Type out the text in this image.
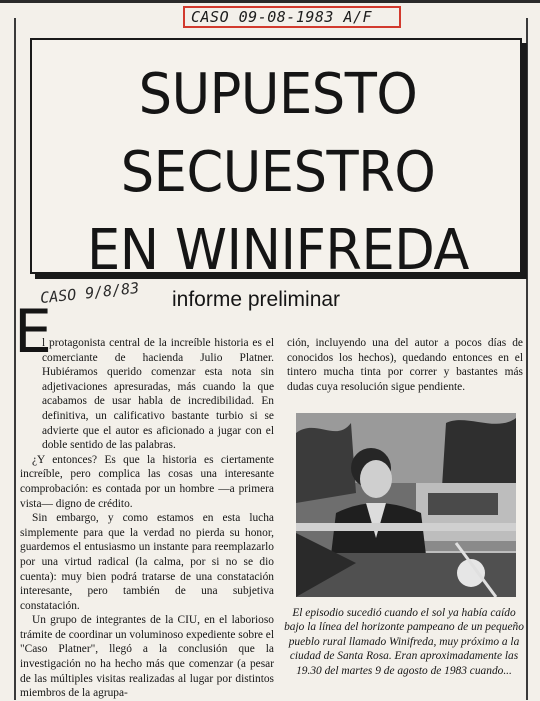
CASO 09-08-1983 A/F
SUPUESTO
SECUESTRO
EN WINIFREDA
CASO 9/8/83 informe preliminar
E

l protagonista central de la increíble historia es el comerciante de hacienda Julio Platner. Hubiéramos querido comenzar esta nota sin adjetivaciones apresuradas, más cuando la que acabamos de usar habla de incredibilidad. En definitiva, un calificativo bastante turbio si se advierte que el autor es aficionado a jugar con el doble sentido de las palabras.

¿Y entonces? Es que la historia es ciertamente increíble, pero complica las cosas una interesante comprobación: es contada por un hombre —a primera vista— digno de crédito.

Sin embargo, y como estamos en esta lucha simplemente para que la verdad no pierda su honor, guardemos el entusiasmo un instante para reemplazarlo por una virtud radical (la calma, por si no se dio cuenta): muy bien podrá tratarse de una constatación interesante, pero también de una subjetiva constatación.

Un grupo de integrantes de la CIU, en el laborioso trámite de coordinar un voluminoso expediente sobre el "Caso Platner", llegó a la conclusión que la investigación no ha hecho más que comenzar (a pesar de las múltiples visitas realizadas al lugar por distintos miembros de la agrupa-

ción, incluyendo una del autor a pocos días de conocidos los hechos), quedando entonces en el tintero mucha tinta por correr y bastantes más dudas cuya resolución sigue pendiente.

El episodio sucedió cuando el sol ya había caído bajo la línea del horizonte pampeano de un pequeño pueblo rural llamado Winifreda, muy próximo a la ciudad de Santa Rosa. Eran aproximadamente las 19.30 del martes 9 de agosto de 1983 cuando...
